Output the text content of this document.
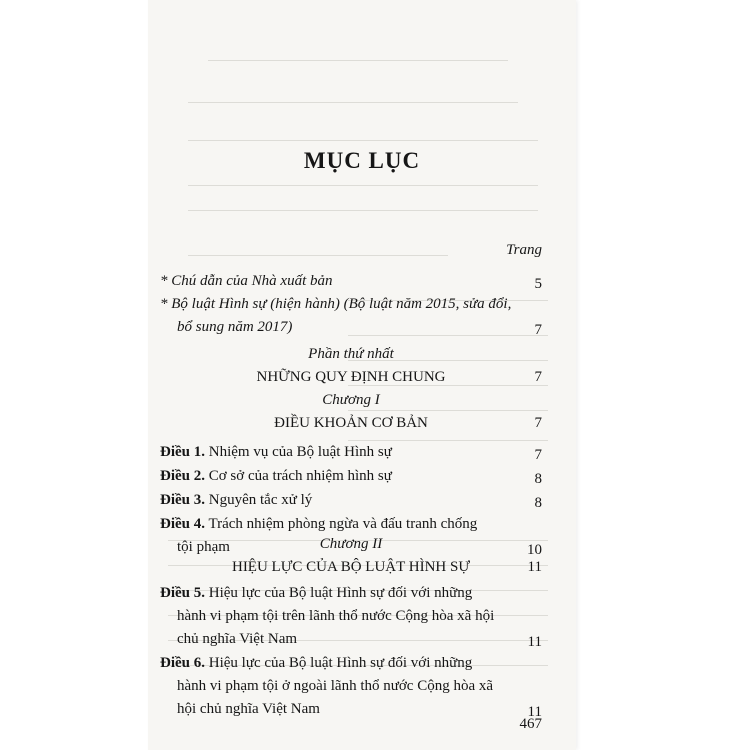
MỤC LỤC
Trang
* Chú dẫn của Nhà xuất bản	5
* Bộ luật Hình sự (hiện hành) (Bộ luật năm 2015, sửa đổi,
bổ sung năm 2017)	7
Phần thứ nhất
NHỮNG QUY ĐỊNH CHUNG	7
Chương I
ĐIỀU KHOẢN CƠ BẢN	7
Điều 1. Nhiệm vụ của Bộ luật Hình sự	7
Điều 2. Cơ sở của trách nhiệm hình sự	8
Điều 3. Nguyên tắc xử lý	8
Điều 4. Trách nhiệm phòng ngừa và đấu tranh chống
tội phạm	10
Chương II
HIỆU LỰC CỦA BỘ LUẬT HÌNH SỰ	11
Điều 5. Hiệu lực của Bộ luật Hình sự đối với những
hành vi phạm tội trên lãnh thổ nước Cộng hòa xã hội
chủ nghĩa Việt Nam	11
Điều 6. Hiệu lực của Bộ luật Hình sự đối với những
hành vi phạm tội ở ngoài lãnh thổ nước Cộng hòa xã
hội chủ nghĩa Việt Nam	11
467
